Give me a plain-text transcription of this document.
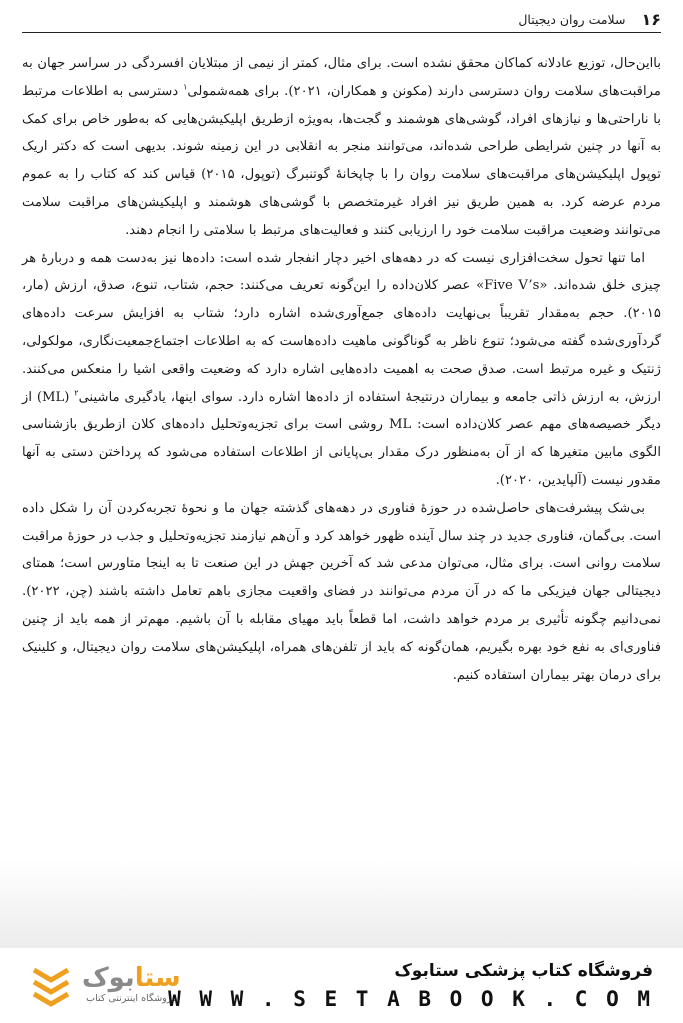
۱۶
سلامت روان دیجیتال

بااین‌حال، توزیع عادلانه کماکان محقق نشده است. برای مثال، کمتر از نیمی از مبتلایان افسردگی در سراسر جهان به مراقبت‌های سلامت روان دسترسی دارند (مکونن و همکاران، ۲۰۲۱). برای همه‌شمولی$^۱$ دسترسی به اطلاعات مرتبط با ناراحتی‌ها و نیازهای افراد، گوشی‌های هوشمند و گجت‌ها، به‌ویژه ازطریق اپلیکیشن‌هایی که به‌طور خاص برای کمک به آنها در چنین شرایطی طراحی شده‌اند، می‌توانند منجر به انقلابی در این زمینه شوند. بدیهی است که دکتر اریک توپول اپلیکیشن‌های مراقبت‌های سلامت روان را با چاپخانهٔ گوتنبرگ (توپول، ۲۰۱۵) قیاس کند که کتاب را به عموم مردم عرضه کرد. به همین طریق نیز افراد غیرمتخصص با گوشی‌های هوشمند و اپلیکیشن‌های مراقبت سلامت می‌توانند وضعیت مراقبت سلامت خود را ارزیابی کنند و فعالیت‌های مرتبط با سلامتی را انجام دهند.

اما تنها تحول سخت‌افزاری نیست که در دهه‌های اخیر دچار انفجار شده است: داده‌ها نیز به‌دست همه و دربارهٔ هر چیزی خلق شده‌اند. «Five V’s» عصر کلان‌داده را این‌گونه تعریف می‌کنند: حجم، شتاب، تنوع، صدق، ارزش (مار، ۲۰۱۵). حجم به‌مقدار تقریباً بی‌نهایت داده‌های جمع‌آوری‌شده اشاره دارد؛ شتاب به افزایش سرعت داده‌های گردآوری‌شده گفته می‌شود؛ تنوع ناظر به گوناگونی ماهیت داده‌هاست که به اطلاعات اجتماع‌جمعیت‌نگاری، مولکولی، ژنتیک و غیره مرتبط است. صدق صحت به اهمیت داده‌هایی اشاره دارد که وضعیت واقعی اشیا را منعکس می‌کنند. ارزش، به ارزش ذاتی جامعه و بیماران درنتیجهٔ استفاده از داده‌ها اشاره دارد. سوای اینها، یادگیری ماشینی$^۲$ (ML) از دیگر خصیصه‌های مهم عصر کلان‌داده است: ML روشی است برای تجزیه‌وتحلیل داده‌های کلان ازطریق بازشناسی الگوی مابین متغیرها که از آن به‌منظور درک مقدار بی‌پایانی از اطلاعات استفاده می‌شود که پرداختن دستی به آنها مقدور نیست (آلپایدین، ۲۰۲۰).

بی‌شک پیشرفت‌های حاصل‌شده در حوزهٔ فناوری در دهه‌های گذشته جهان ما و نحوهٔ تجربه‌کردن آن را شکل داده است. بی‌گمان، فناوری جدید در چند سال آینده ظهور خواهد کرد و آن‌هم نیازمند تجزیه‌وتحلیل و جذب در حوزهٔ مراقبت سلامت روانی است. برای مثال، می‌توان مدعی شد که آخرین جهش در این صنعت تا به اینجا متاورس است؛ همتای دیجیتالی جهان فیزیکی ما که در آن مردم می‌توانند در فضای واقعیت مجازی باهم تعامل داشته باشند (چن، ۲۰۲۲). نمی‌دانیم چگونه تأثیری بر مردم خواهد داشت، اما قطعاً باید مهیای مقابله با آن باشیم. مهم‌تر از همه باید از چنین فناوری‌ای به نفع خود بهره بگیریم، همان‌گونه که باید از تلفن‌های همراه، اپلیکیشن‌های سلامت روان دیجیتال، و کلینیک برای درمان بهتر بیماران استفاده کنیم.

ستابوک
فروشگاه اینترنتی کتاب
فروشگاه کتاب پزشکی ستابوک
W W W . S E T A B O O K . C O M
